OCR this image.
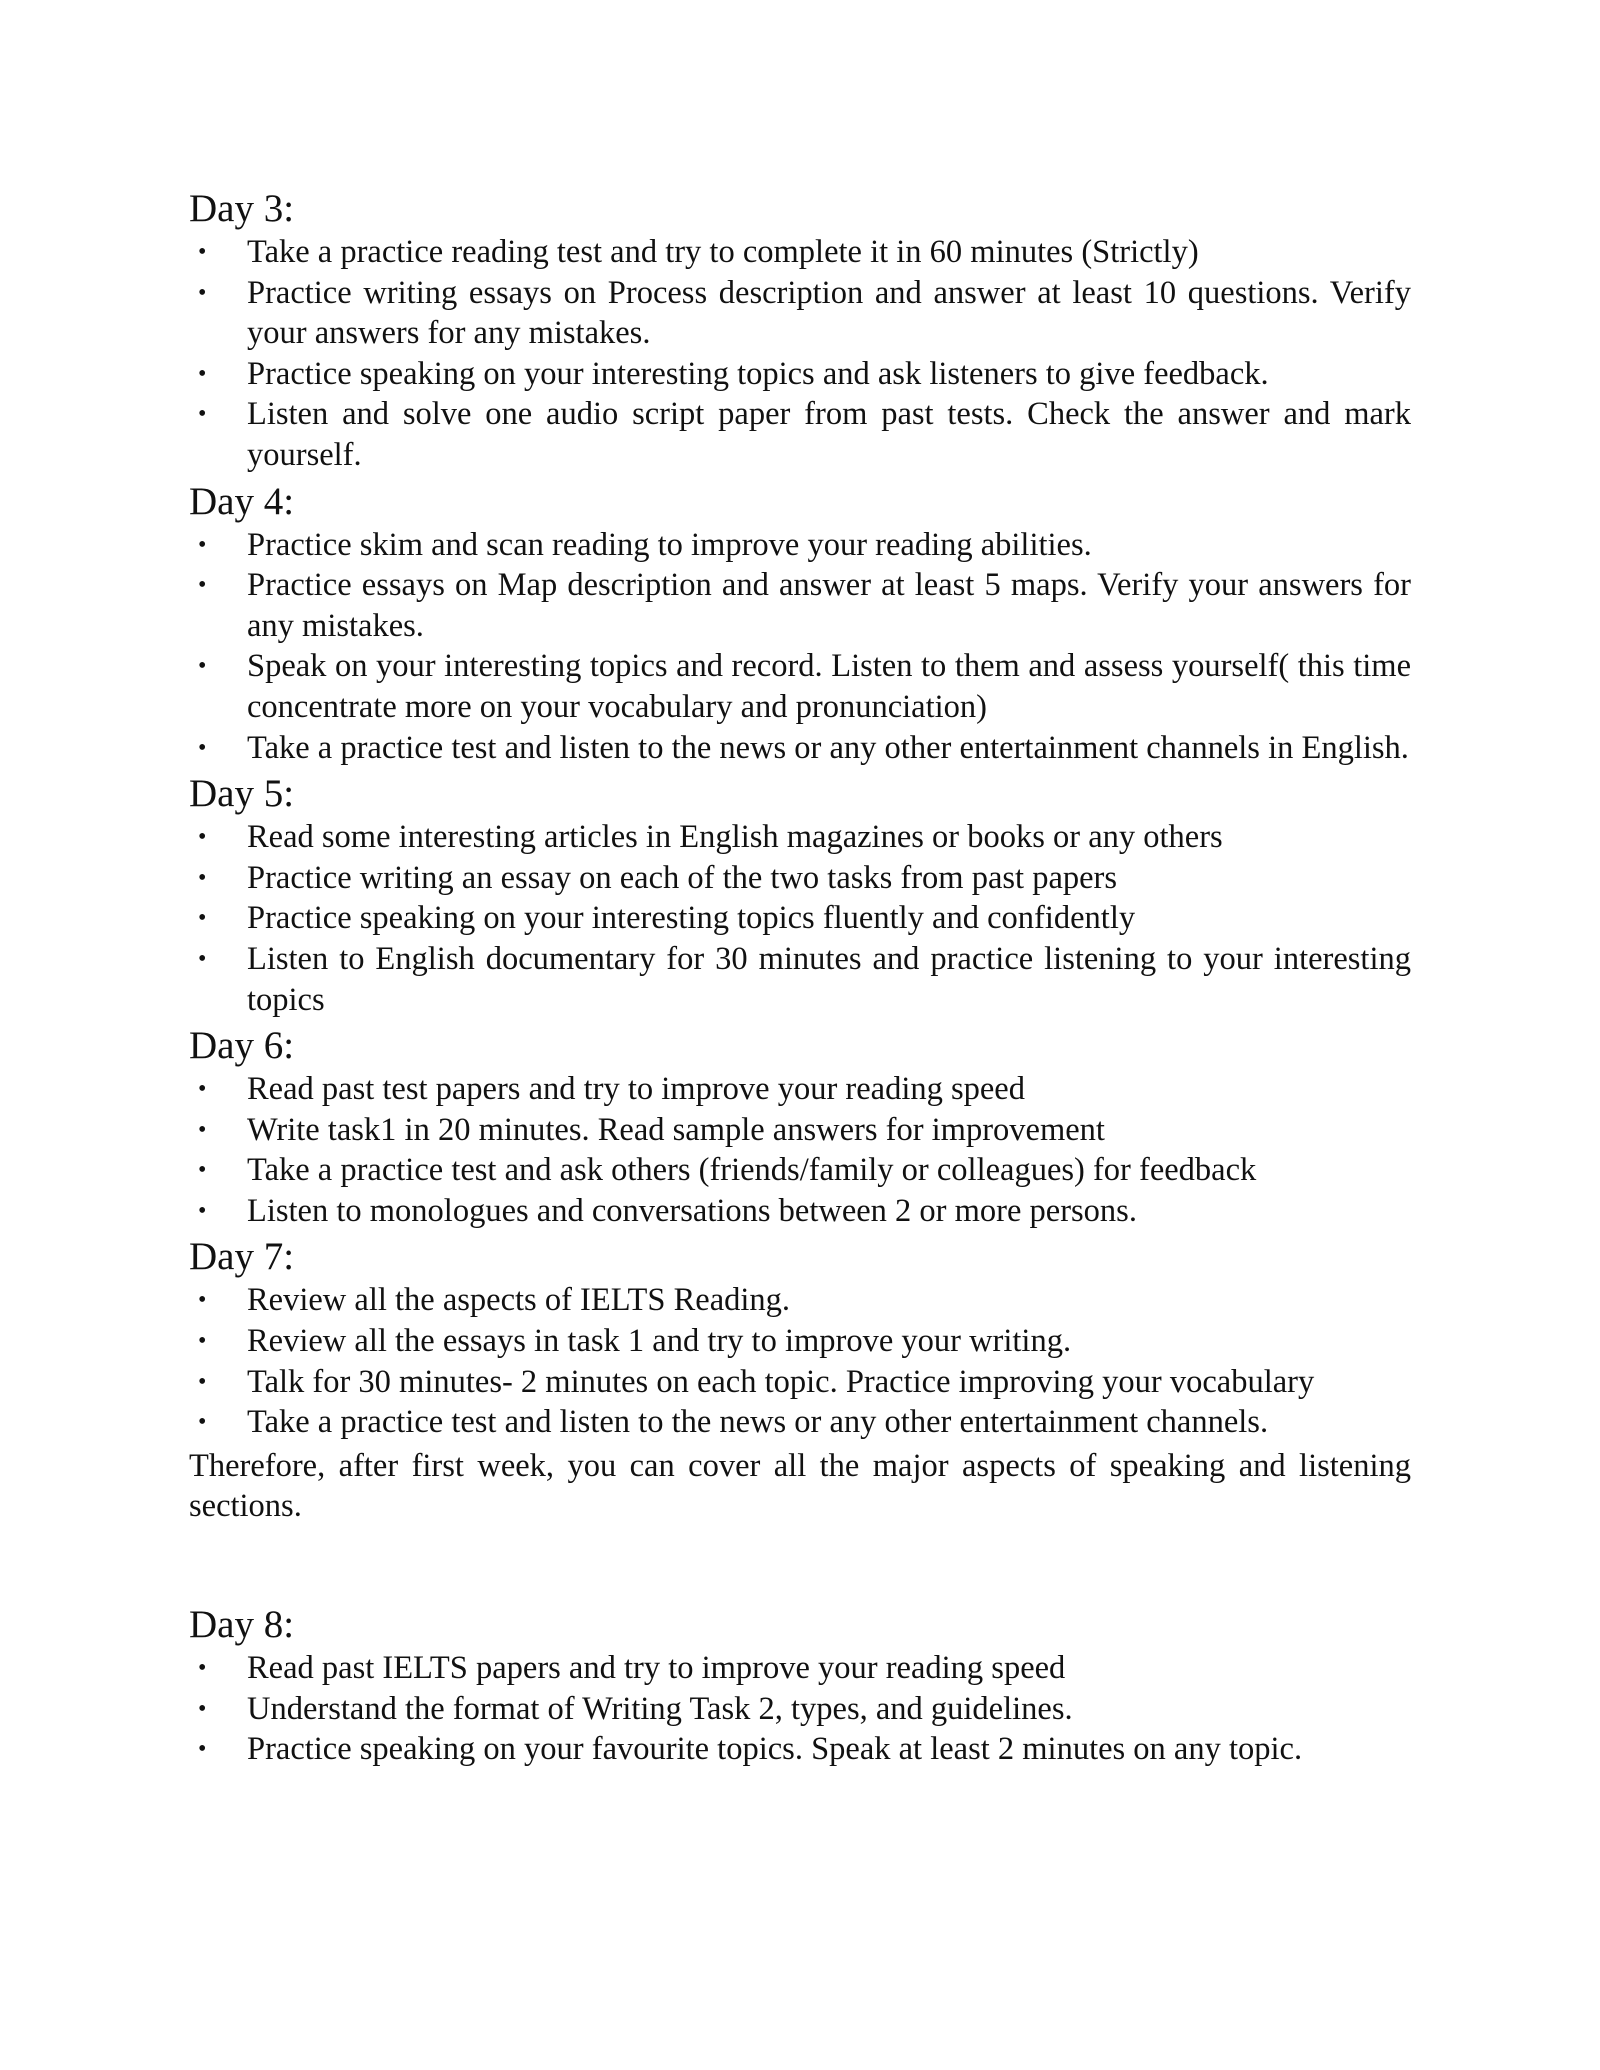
Day 3:
• Take a practice reading test and try to complete it in 60 minutes (Strictly)
• Practice writing essays on Process description and answer at least 10 questions. Verify your answers for any mistakes.
• Practice speaking on your interesting topics and ask listeners to give feedback.
• Listen and solve one audio script paper from past tests. Check the answer and mark yourself.
Day 4:
• Practice skim and scan reading to improve your reading abilities.
• Practice essays on Map description and answer at least 5 maps. Verify your answers for any mistakes.
• Speak on your interesting topics and record. Listen to them and assess yourself( this time concentrate more on your vocabulary and pronunciation)
• Take a practice test and listen to the news or any other entertainment channels in English.
Day 5:
• Read some interesting articles in English magazines or books or any others
• Practice writing an essay on each of the two tasks from past papers
• Practice speaking on your interesting topics fluently and confidently
• Listen to English documentary for 30 minutes and practice listening to your interesting topics
Day 6:
• Read past test papers and try to improve your reading speed
• Write task1 in 20 minutes. Read sample answers for improvement
• Take a practice test and ask others (friends/family or colleagues) for feedback
• Listen to monologues and conversations between 2 or more persons.
Day 7:
• Review all the aspects of IELTS Reading.
• Review all the essays in task 1 and try to improve your writing.
• Talk for 30 minutes- 2 minutes on each topic. Practice improving your vocabulary
• Take a practice test and listen to the news or any other entertainment channels.

Therefore, after first week, you can cover all the major aspects of speaking and listening sections.

Day 8:
• Read past IELTS papers and try to improve your reading speed
• Understand the format of Writing Task 2, types, and guidelines.
• Practice speaking on your favourite topics. Speak at least 2 minutes on any topic.
